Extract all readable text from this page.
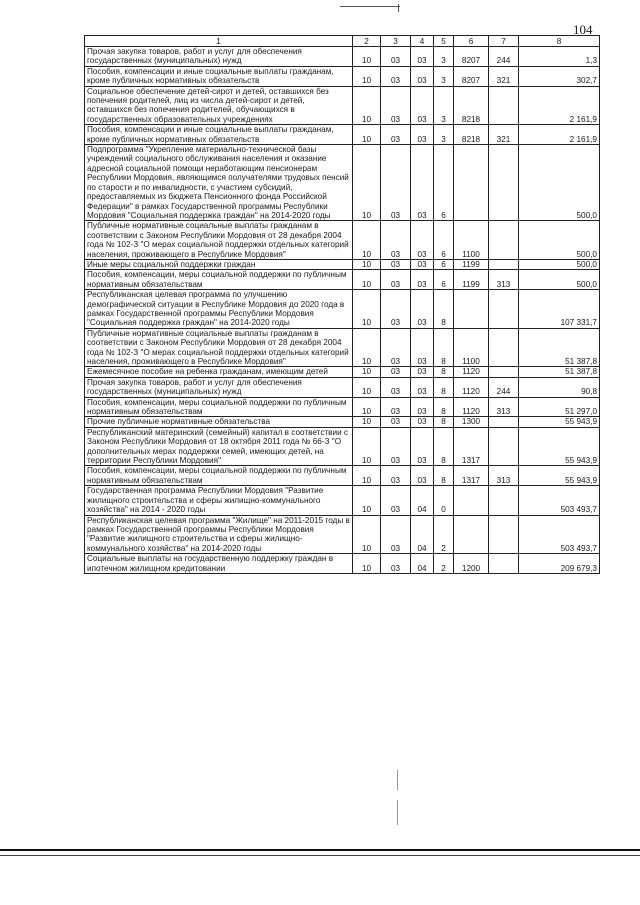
104
1	2	3	4	5	6	7	8
Прочая закупка товаров, работ и услуг для обеспечения государственных (муниципальных) нужд	10	03	03	3	8207	244	1,3
Пособия, компенсации и иные социальные выплаты гражданам, кроме публичных нормативных обязательств	10	03	03	3	8207	321	302,7
Социальное обеспечение детей-сирот и детей, оставшихся без попечения родителей, лиц из числа детей-сирот и детей, оставшихся без попечения родителей, обучающихся в государственных образовательных учреждениях	10	03	03	3	8218		2 161,9
Пособия, компенсации и иные социальные выплаты гражданам, кроме публичных нормативных обязательств	10	03	03	3	8218	321	2 161,9
Подпрограмма "Укрепление материально-технической базы учреждений социального обслуживания населения и оказание адресной социальной помощи неработающим пенсионерам Республики Мордовия, являющимся получателями трудовых пенсий по старости и по инвалидности, с участием субсидий, предоставляемых из бюджета Пенсионного фонда Российской Федерации" в рамках Государственной программы Республики Мордовия "Социальная поддержка граждан" на 2014-2020 годы	10	03	03	6			500,0
Публичные нормативные социальные выплаты гражданам в соответствии с Законом Республики Мордовия от 28 декабря 2004 года № 102-З "О мерах социальной поддержки отдельных категорий населения, проживающего в Республике Мордовия"	10	03	03	6	1100		500,0
Иные меры социальной поддержки граждан	10	03	03	6	1199		500,0
Пособия, компенсации, меры социальной поддержки по публичным нормативным обязательствам	10	03	03	6	1199	313	500,0
Республиканская целевая программа по улучшению демографической ситуации в Республике Мордовия до 2020 года в рамках Государственной программы Республики Мордовия "Социальная поддержка граждан" на 2014-2020 годы	10	03	03	8			107 331,7
Публичные нормативные социальные выплаты гражданам в соответствии с Законом Республики Мордовия от 28 декабря 2004 года № 102-З "О мерах социальной поддержки отдельных категорий населения, проживающего в Республике Мордовия"	10	03	03	8	1100		51 387,8
Ежемесячное пособие на ребенка гражданам, имеющим детей	10	03	03	8	1120		51 387,8
Прочая закупка товаров, работ и услуг для обеспечения государственных (муниципальных) нужд	10	03	03	8	1120	244	90,8
Пособия, компенсации, меры социальной поддержки по публичным нормативным обязательствам	10	03	03	8	1120	313	51 297,0
Прочие публичные нормативные обязательства	10	03	03	8	1300		55 943,9
Республиканский материнский (семейный) капитал в соответствии с Законом Республики Мордовия от 18 октября 2011 года № 66-З "О дополнительных мерах поддержки семей, имеющих детей, на территории Республики Мордовия"	10	03	03	8	1317		55 943,9
Пособия, компенсации, меры социальной поддержки по публичным нормативным обязательствам	10	03	03	8	1317	313	55 943,9
Государственная программа Республики Мордовия "Развитие жилищного строительства и сферы жилищно-коммунального хозяйства" на 2014 - 2020 годы	10	03	04	0			503 493,7
Республиканская целевая программа "Жилище" на 2011-2015 годы в рамках Государственной программы Республики Мордовия "Развитие жилищного строительства и сферы жилищно-коммунального хозяйства" на 2014-2020 годы	10	03	04	2			503 493,7
Социальные выплаты на государственную поддержку граждан в ипотечном жилищном кредитовании	10	03	04	2	1200		209 679,3
